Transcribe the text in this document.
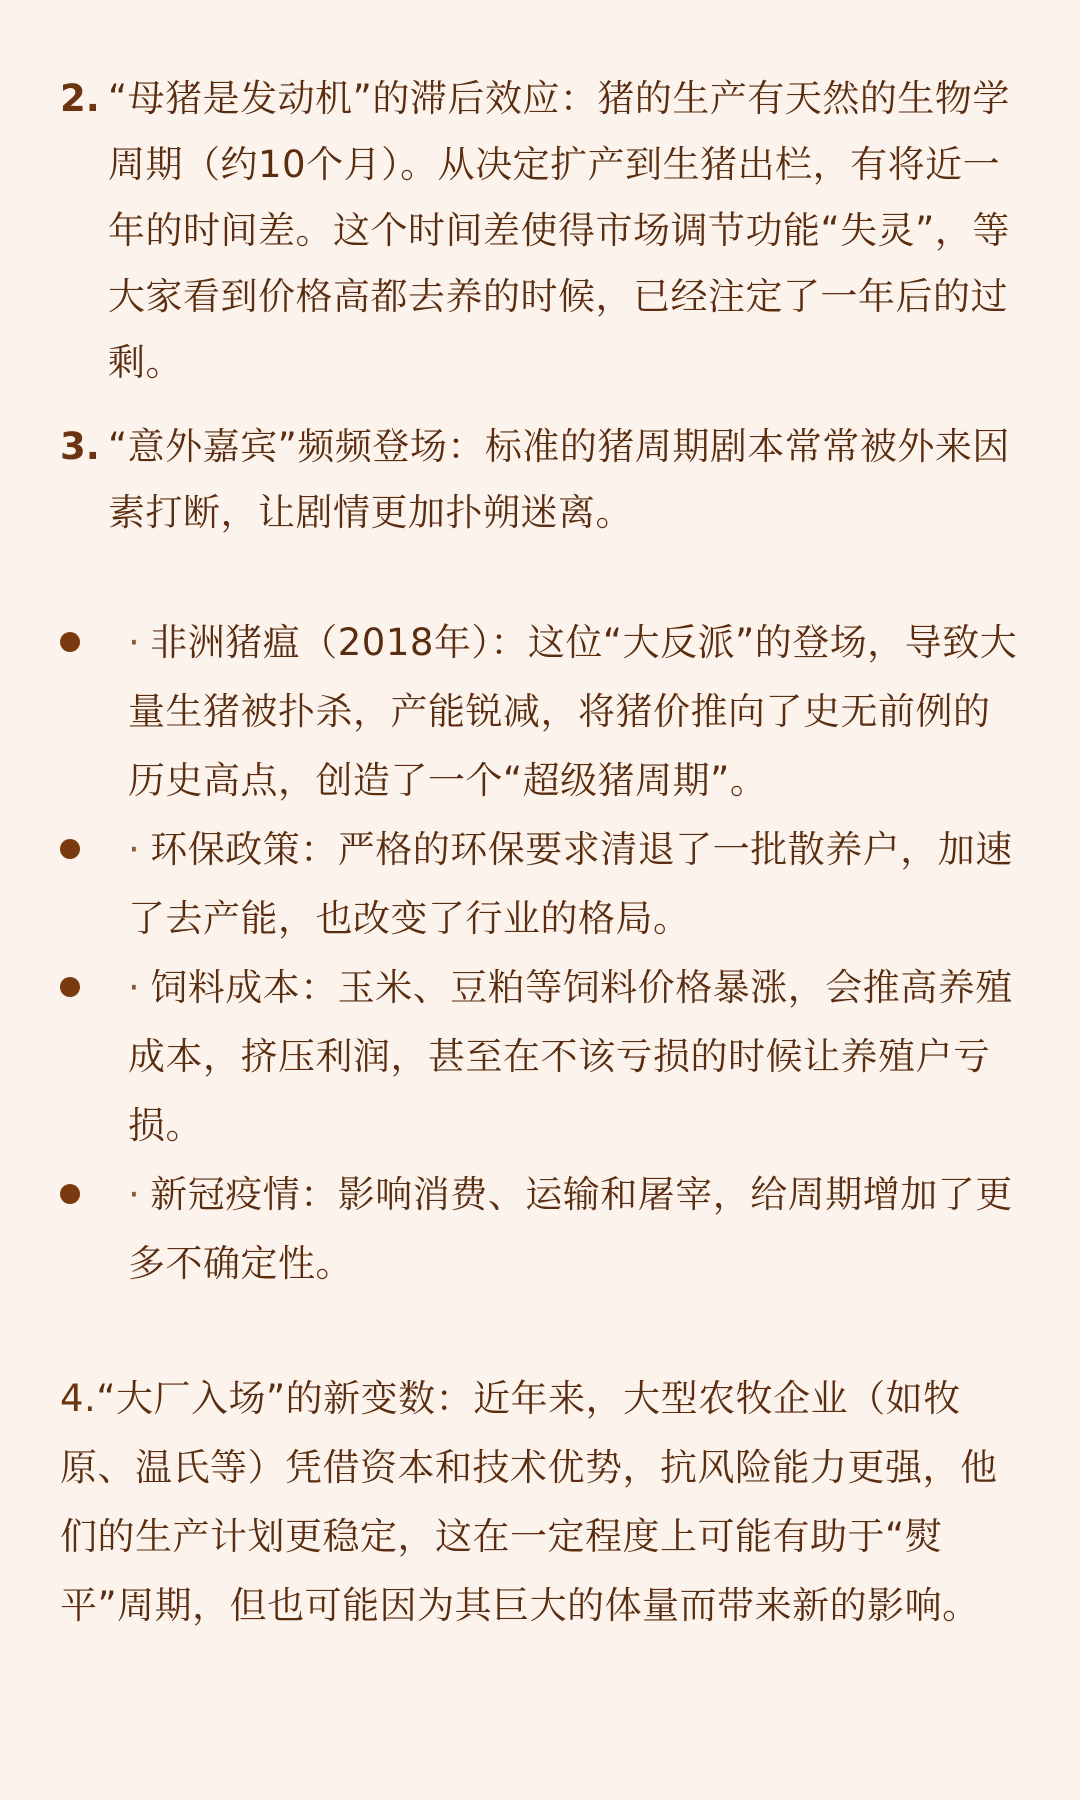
2. “母猪是发动机”的滞后效应：猪的生产有天然的生物学周期（约10个月）。从决定扩产到生猪出栏，有将近一年的时间差。这个时间差使得市场调节功能“失灵”，等大家看到价格高都去养的时候，已经注定了一年后的过剩。
3. “意外嘉宾”频频登场：标准的猪周期剧本常常被外来因素打断，让剧情更加扑朔迷离。
· 非洲猪瘟（2018年）：这位“大反派”的登场，导致大量生猪被扑杀，产能锐减，将猪价推向了史无前例的历史高点，创造了一个“超级猪周期”。
· 环保政策：严格的环保要求清退了一批散养户，加速了去产能，也改变了行业的格局。
· 饲料成本：玉米、豆粕等饲料价格暴涨，会推高养殖成本，挤压利润，甚至在不该亏损的时候让养殖户亏损。
· 新冠疫情：影响消费、运输和屠宰，给周期增加了更多不确定性。
4.“大厂入场”的新变数：近年来，大型农牧企业（如牧原、温氏等）凭借资本和技术优势，抗风险能力更强，他们的生产计划更稳定，这在一定程度上可能有助于“熨平”周期，但也可能因为其巨大的体量而带来新的影响。
